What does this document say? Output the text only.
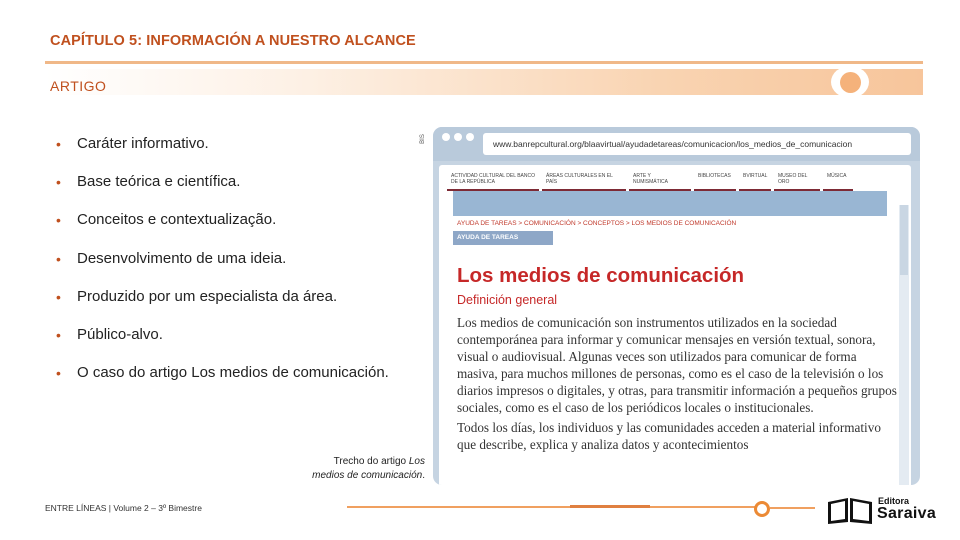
CAPÍTULO 5: INFORMACIÓN A NUESTRO ALCANCE
ARTIGO
•	Caráter informativo.
•	Base teórica e científica.
•	Conceitos e contextualização.
•	Desenvolvimento de uma ideia.
•	Produzido por um especialista da área.
•	Público-alvo.
•	O caso do artigo Los medios de comunicación.
Trecho do artigo Los
medios de comunicación.
BIS	www.banrepcultural.org/blaavirtual/ayudadetareas/comunicacion/los_medios_de_comunicacion
ACTIVIDAD CULTURAL DEL BANCO DE LA REPÚBLICA
ÁREAS CULTURALES EN EL PAÍS
ARTE Y NUMISMÁTICA
BIBLIOTECAS	BVIRTUAL	MUSEO DEL ORO
MÚSICA
AYUDA DE TAREAS > COMUNICACIÓN > CONCEPTOS > LOS MEDIOS DE COMUNICACIÓN
AYUDA DE TAREAS
Los medios de comunicación
Definición general

Los medios de comunicación son instrumentos utilizados en la sociedad contemporánea para informar y comunicar mensajes en versión textual, sonora, visual o audiovisual. Algunas veces son utilizados para comunicar de forma masiva, para muchos millones de personas, como es el caso de la televisión o los diarios impresos o digitales, y otras, para transmitir información a pequeños grupos sociales, como es el caso de los periódicos locales o institucionales.

Todos los días, los individuos y las comunidades acceden a material informativo que describe, explica y analiza datos y acontecimientos

ENTRE LÍNEAS | Volume 2 – 3º Bimestre
Editora
Saraiva
